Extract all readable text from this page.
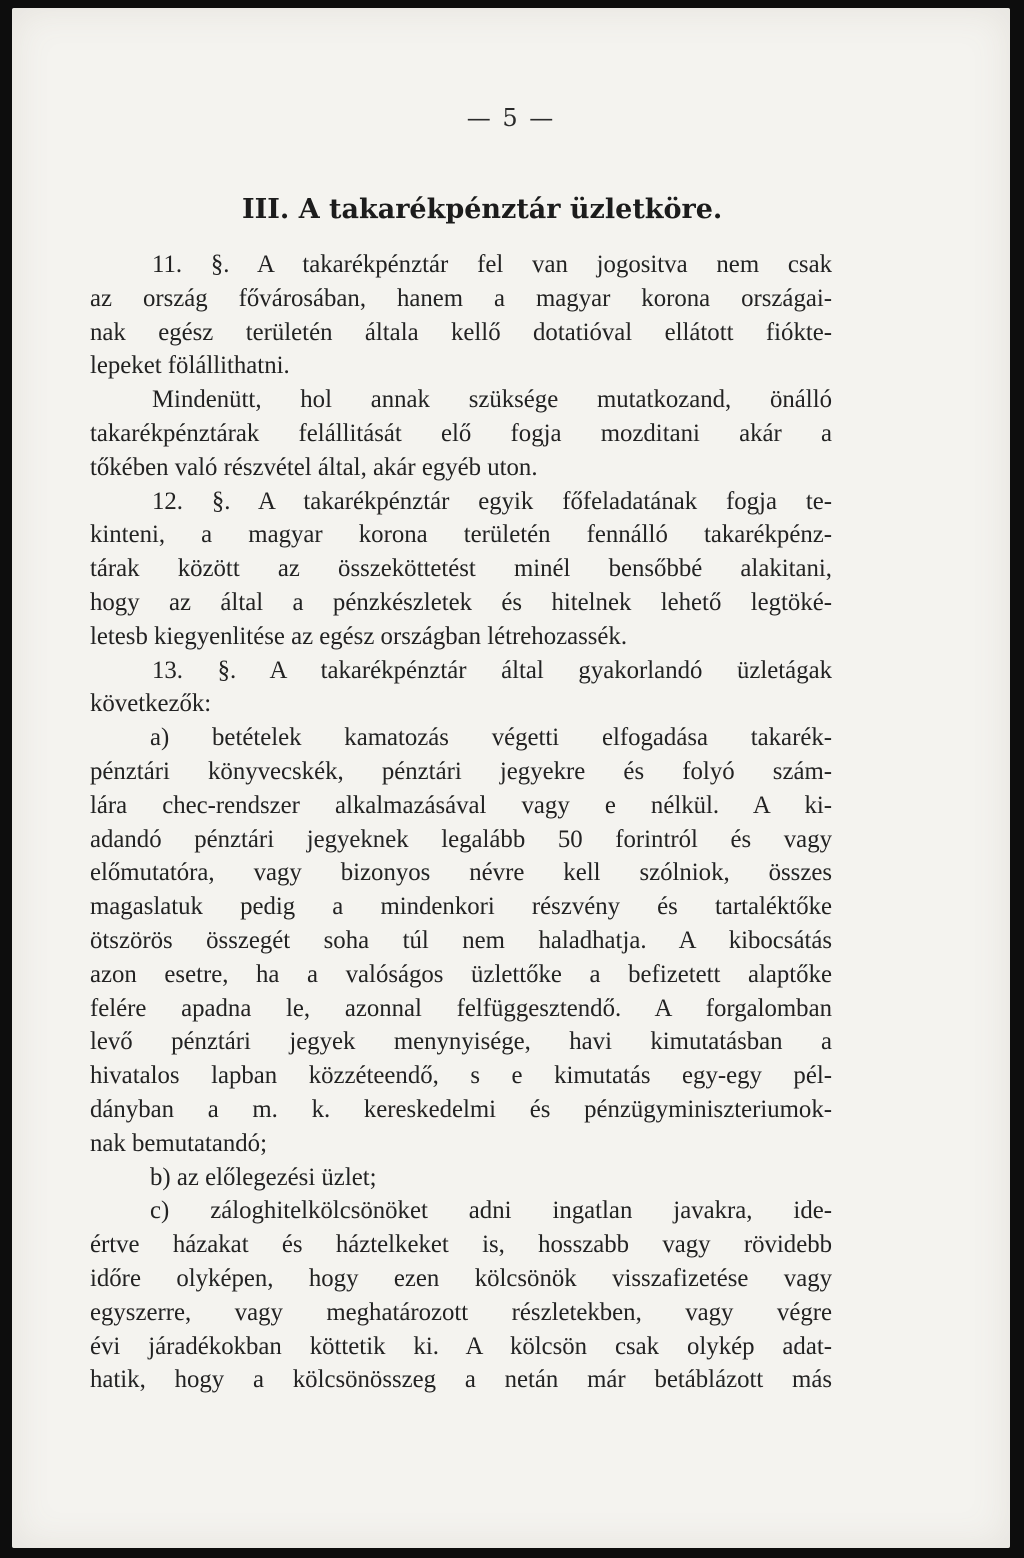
— 5 —
III. A takarékpénztár üzletköre.
11. §. A takarékpénztár fel van jogositva nem csak
az ország fővárosában, hanem a magyar korona országai-
nak egész területén általa kellő dotatióval ellátott fiókte-
lepeket fölállithatni.
Mindenütt, hol annak szüksége mutatkozand, önálló
takarékpénztárak felállitását elő fogja mozditani akár a
tőkében való részvétel által, akár egyéb uton.
12. §. A takarékpénztár egyik főfeladatának fogja te-
kinteni, a magyar korona területén fennálló takarékpénz-
tárak között az összeköttetést minél bensőbbé alakitani,
hogy az által a pénzkészletek és hitelnek lehető legtöké-
letesb kiegyenlitése az egész országban létrehozassék.
13. §. A takarékpénztár által gyakorlandó üzletágak
következők:
a) betételek kamatozás végetti elfogadása takarék-
pénztári könyvecskék, pénztári jegyekre és folyó szám-
lára chec-rendszer alkalmazásával vagy e nélkül. A ki-
adandó pénztári jegyeknek legalább 50 forintról és vagy
előmutatóra, vagy bizonyos névre kell szólniok, összes
magaslatuk pedig a mindenkori részvény és tartaléktőke
ötszörös összegét soha túl nem haladhatja. A kibocsátás
azon esetre, ha a valóságos üzlettőke a befizetett alaptőke
felére apadna le, azonnal felfüggesztendő. A forgalomban
levő pénztári jegyek menynyisége, havi kimutatásban a
hivatalos lapban közzéteendő, s e kimutatás egy-egy pél-
dányban a m. k. kereskedelmi és pénzügyminiszteriumok-
nak bemutatandó;
b) az előlegezési üzlet;
c) záloghitelkölcsönöket adni ingatlan javakra, ide-
értve házakat és háztelkeket is, hosszabb vagy rövidebb
időre olyképen, hogy ezen kölcsönök visszafizetése vagy
egyszerre, vagy meghatározott részletekben, vagy végre
évi járadékokban köttetik ki. A kölcsön csak olykép adat-
hatik, hogy a kölcsönösszeg a netán már betáblázott más
